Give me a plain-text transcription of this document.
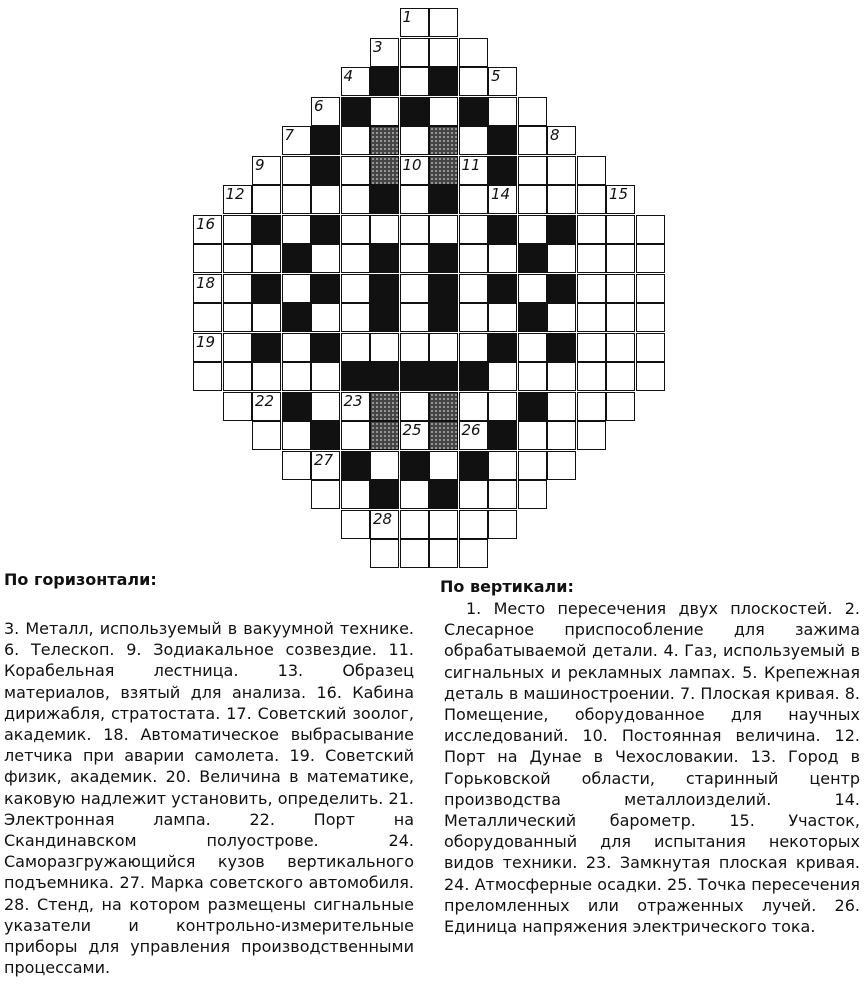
1
3
4	5
6
7	8
9	10	11
12	13	14	15
16	17
18
19	20
21
22	23	24
25	26
27
28
По горизонтали:	По вертикали:

3. Металл, используемый в вакуумной технике. 6. Телескоп. 9. Зодиакальное созвездие. 11. Корабельная лестница. 13. Образец материалов, взятый для анализа. 16. Кабина дирижабля, стратостата. 17. Советский зоолог, академик. 18. Автоматическое выбрасывание летчика при аварии самолета. 19. Советский физик, академик. 20. Величина в математике, каковую надлежит установить, определить. 21. Электронная лампа. 22. Порт на Скандинавском полуострове. 24. Саморазгружающийся кузов вертикального подъемника. 27. Марка советского автомобиля. 28. Стенд, на котором размещены сигнальные указатели и контрольно-измерительные приборы для управления производственными процессами.

1. Место пересечения двух плоскостей. 2. Слесарное приспособление для зажима обрабатываемой детали. 4. Газ, используемый в сигнальных и рекламных лампах. 5. Крепежная деталь в машиностроении. 7. Плоская кривая. 8. Помещение, оборудованное для научных исследований. 10. Постоянная величина. 12. Порт на Дунае в Чехословакии. 13. Город в Горьковской области, старинный центр производства металлоизделий. 14. Металлический барометр. 15. Участок, оборудованный для испытания некоторых видов техники. 23. Замкнутая плоская кривая. 24. Атмосферные осадки. 25. Точка пересечения преломленных или отраженных лучей. 26. Единица напряжения электрического тока.
